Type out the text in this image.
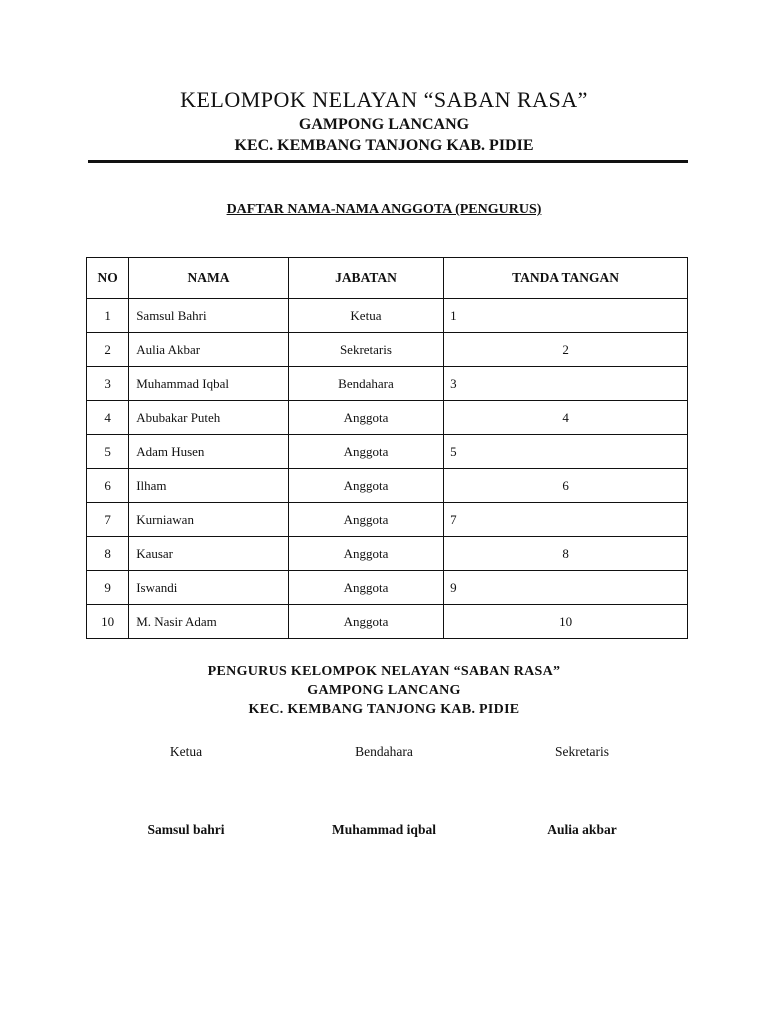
KELOMPOK NELAYAN “SABAN RASA”
GAMPONG LANCANG
KEC. KEMBANG TANJONG KAB. PIDIE
DAFTAR NAMA-NAMA ANGGOTA (PENGURUS)
NO	NAMA	JABATAN	TANDA TANGAN
1	Samsul Bahri	Ketua	1
2	Aulia Akbar	Sekretaris	2
3	Muhammad Iqbal	Bendahara	3
4	Abubakar Puteh	Anggota	4
5	Adam Husen	Anggota	5
6	Ilham	Anggota	6
7	Kurniawan	Anggota	7
8	Kausar	Anggota	8
9	Iswandi	Anggota	9
10	M. Nasir Adam	Anggota	10
PENGURUS KELOMPOK NELAYAN “SABAN RASA”
GAMPONG LANCANG
KEC. KEMBANG TANJONG KAB. PIDIE
Ketua	Bendahara	Sekretaris
Samsul bahri	Muhammad iqbal	Aulia akbar
